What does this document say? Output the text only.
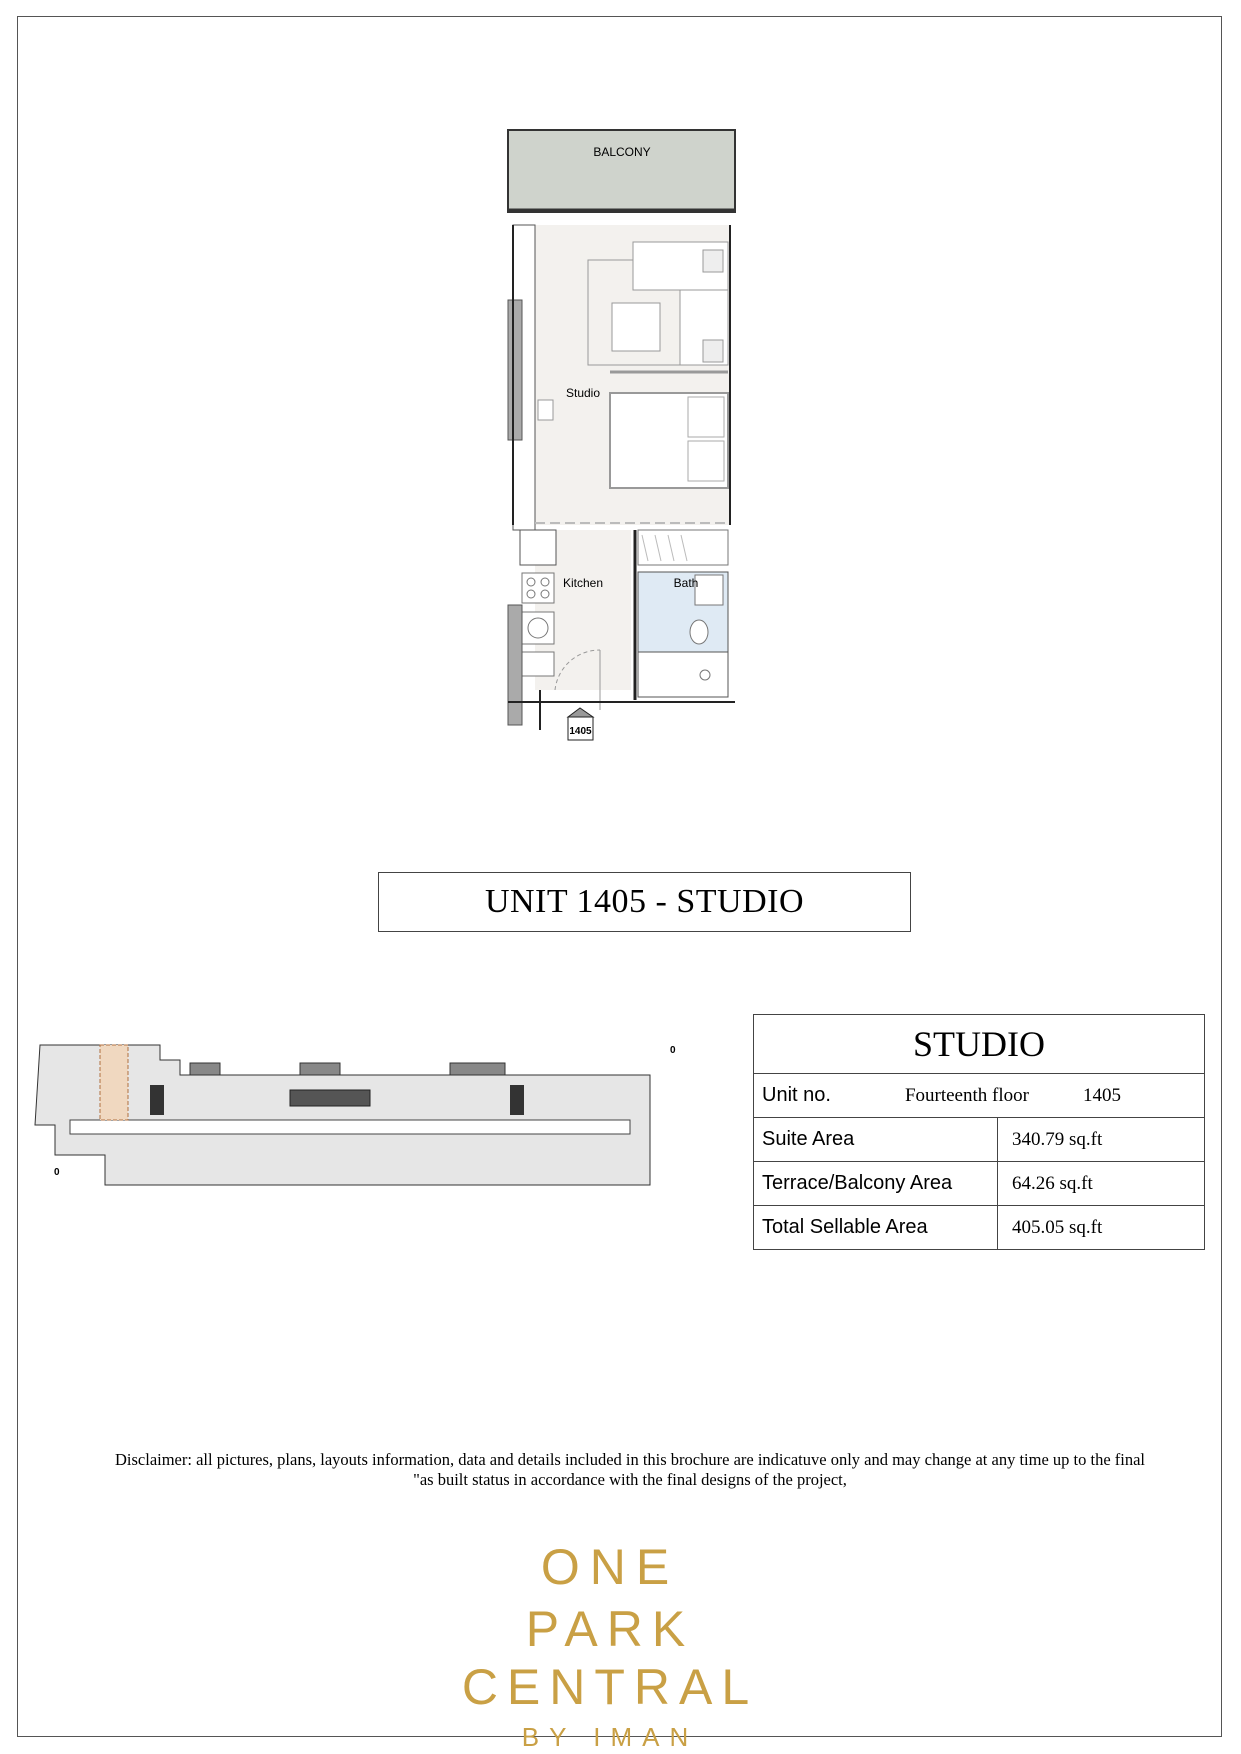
BALCONY
Studio
Kitchen	Bath
1405
UNIT 1405 - STUDIO
0
0
STUDIO	

Unit no. Fourteenth floor 1405	

Suite Area	340.79 sq.ft
Terrace/Balcony Area	64.26 sq.ft
Total Sellable Area	405.05 sq.ft
Disclaimer: all pictures, plans, layouts information, data and details included in this brochure are indicatuve only and may change at any time up to the final
"as built status in accordance with the final designs of the project,
ONE
PARK CENTRAL
BY IMAN
